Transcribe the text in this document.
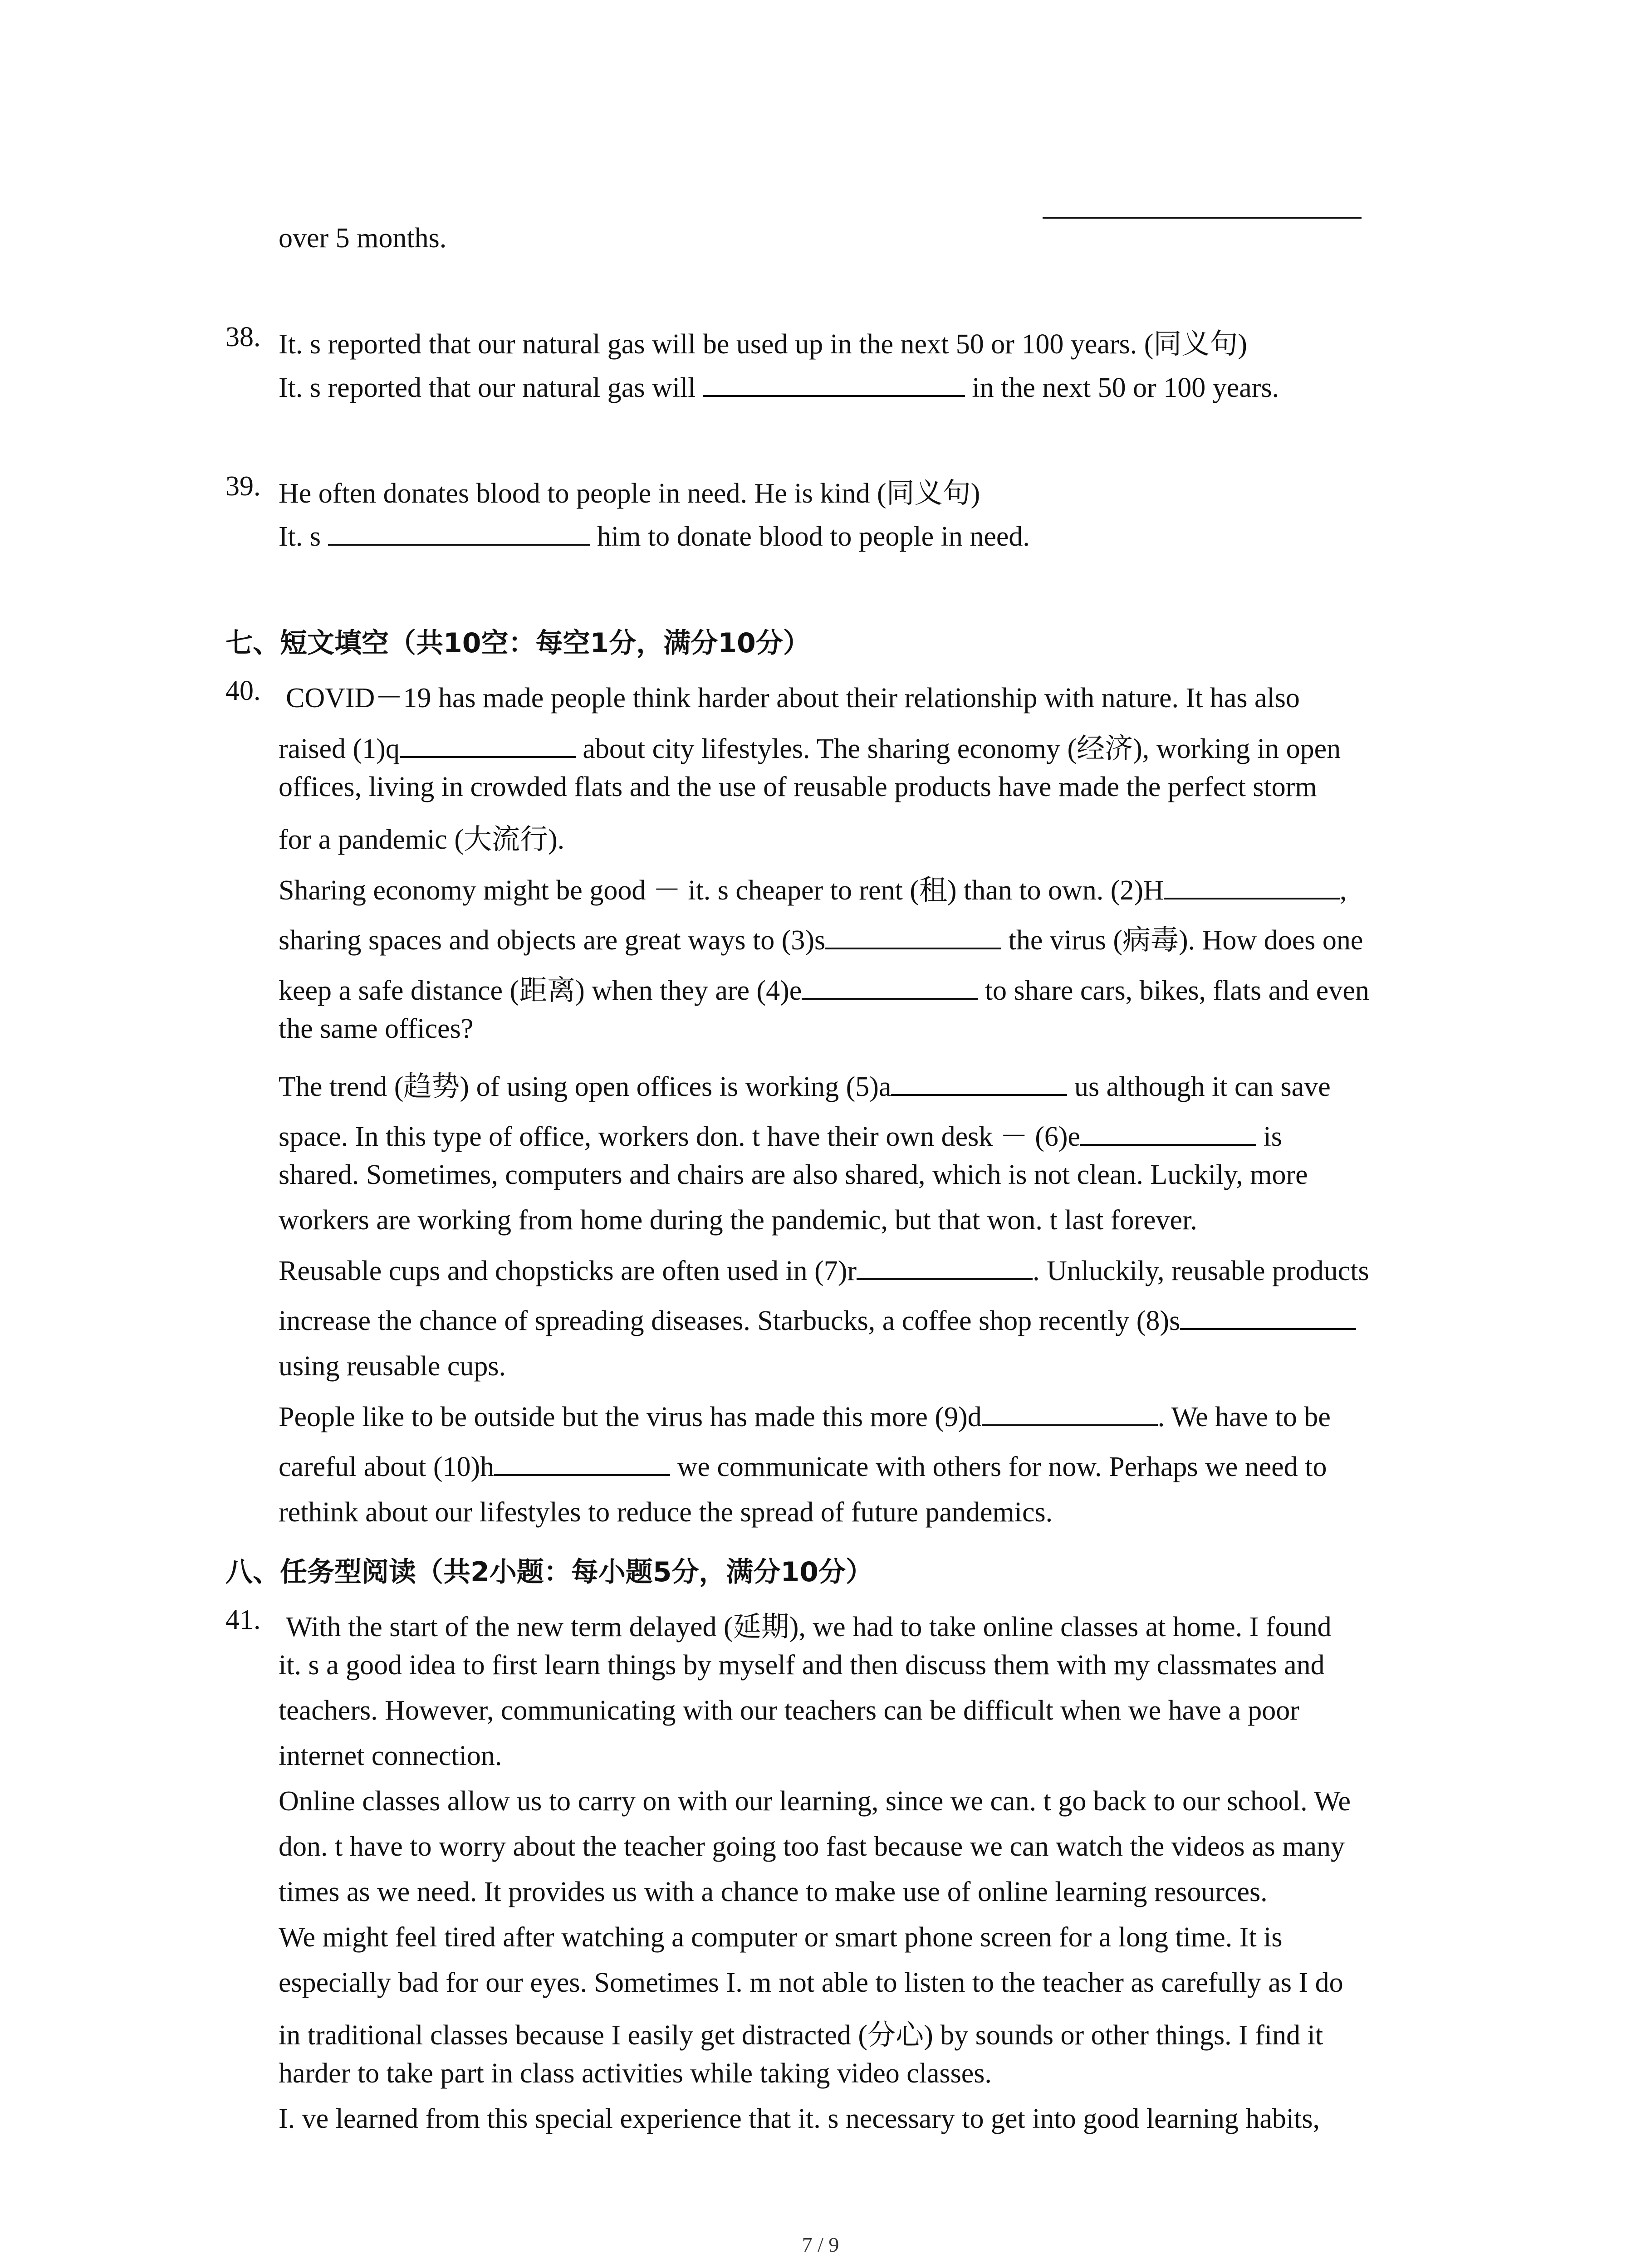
over 5 months.
38. It. s reported that our natural gas will be used up in the next 50 or 100 years. (同义句)
It. s reported that our natural gas will	in the next 50 or 100 years.
39. He often donates blood to people in need. He is kind (同义句)
It. s	him to donate blood to people in need.
七、短文填空（共10空：每空1分，满分10分）
40. COVID－19 has made people think harder about their relationship with nature. It has also
raised (1)q	about city lifestyles. The sharing economy (经济), working in open
offices, living in crowded flats and the use of reusable products have made the perfect storm
for a pandemic (大流行).
Sharing economy might be good － it. s cheaper to rent (租) than to own. (2)H	,
sharing spaces and objects are great ways to (3)s	the virus (病毒). How does one
keep a safe distance (距离) when they are (4)e	to share cars, bikes, flats and even
the same offices?
The trend (趋势) of using open offices is working (5)a	us although it can save
space. In this type of office, workers don. t have their own desk － (6)e	is
shared. Sometimes, computers and chairs are also shared, which is not clean. Luckily, more
workers are working from home during the pandemic, but that won. t last forever.
Reusable cups and chopsticks are often used in (7)r	. Unluckily, reusable products
increase the chance of spreading diseases. Starbucks, a coffee shop recently (8)s
using reusable cups.
People like to be outside but the virus has made this more (9)d	. We have to be
careful about (10)h	we communicate with others for now. Perhaps we need to
rethink about our lifestyles to reduce the spread of future pandemics.
八、任务型阅读（共2小题：每小题5分，满分10分）
41. With the start of the new term delayed (延期), we had to take online classes at home. I found
it. s a good idea to first learn things by myself and then discuss them with my classmates and
teachers. However, communicating with our teachers can be difficult when we have a poor
internet connection.
Online classes allow us to carry on with our learning, since we can. t go back to our school. We
don. t have to worry about the teacher going too fast because we can watch the videos as many
times as we need. It provides us with a chance to make use of online learning resources.
We might feel tired after watching a computer or smart phone screen for a long time. It is
especially bad for our eyes. Sometimes I. m not able to listen to the teacher as carefully as I do
in traditional classes because I easily get distracted (分心) by sounds or other things. I find it
harder to take part in class activities while taking video classes.
I. ve learned from this special experience that it. s necessary to get into good learning habits,
7 / 9
